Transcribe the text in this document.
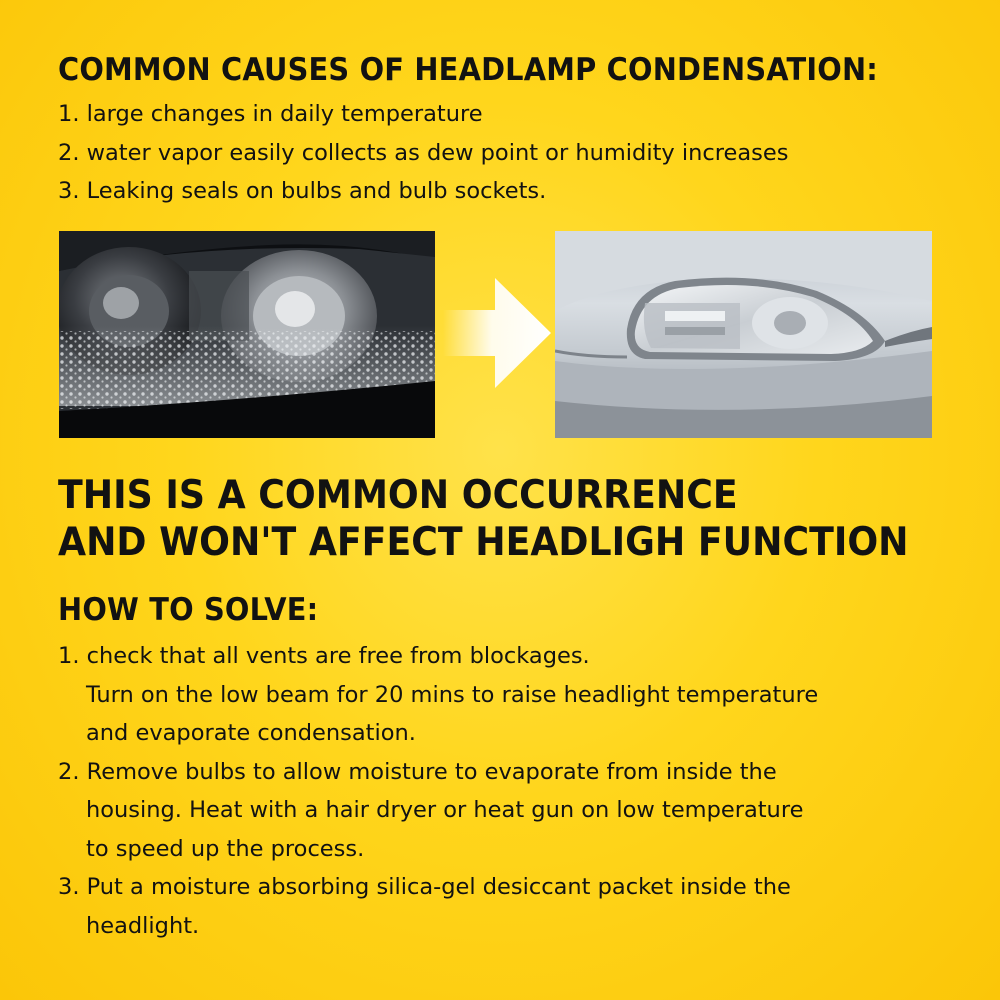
COMMON CAUSES OF HEADLAMP CONDENSATION:
1. large changes in daily temperature
2. water vapor easily collects as dew point or humidity increases
3. Leaking seals on bulbs and bulb sockets.
THIS IS A COMMON OCCURRENCE
AND WON'T AFFECT HEADLIGH FUNCTION
HOW TO SOLVE:
1. check that all vents are free from blockages.
Turn on the low beam for 20 mins to raise headlight temperature
and evaporate condensation.
2. Remove bulbs to allow moisture to evaporate from inside the
housing. Heat with a hair dryer or heat gun on low temperature
to speed up the process.
3. Put a moisture absorbing silica-gel desiccant packet inside the
headlight.
